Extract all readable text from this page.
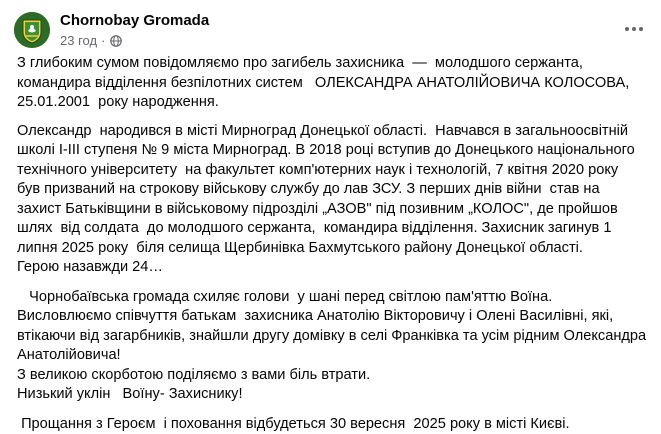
Chornobay Gromada
23 год ·

З глибоким сумом повідомляємо про загибель захисника  —  молодшого сержанта, командира відділення безпілотних систем   ОЛЕКСАНДРА АНАТОЛІЙОВИЧА КОЛОСОВА, 25.01.2001  року народження.

Олександр  народився в місті Мирноград Донецької області.  Навчався в загальноосвітній школі І-ІІІ ступеня № 9 міста Мирноград. В 2018 році вступив до Донецького національного технічного університету  на факультет комп'ютерних наук і технологій, 7 квітня 2020 року  був призваний на строкову військову службу до лав ЗСУ. З перших днів війни  став на захист Батьківщини в військовому підрозділі „АЗОВ" під позивним „КОЛОС", де пройшов шлях  від солдата  до молодшого сержанта,  командира відділення. Захисник загинув 1 липня 2025 року  біля селища Щербинівка Бахмутського району Донецької області.

Герою назавжди 24…

Чорнобаївська громада схиляє голови  у шані перед світлою пам'яттю Воїна. Висловлюємо співчуття батькам  захисника Анатолію Вікторовичу і Олені Василівні, які,  втікаючи від загарбників, знайшли другу домівку в селі Франківка та усім рідним Олександра Анатолійовича!

З великою скорботою поділяємо з вами біль втрати.

Низький уклін   Воїну- Захиснику!

Прощання з Героєм  і поховання відбудеться 30 вересня  2025 року в місті Києві.
